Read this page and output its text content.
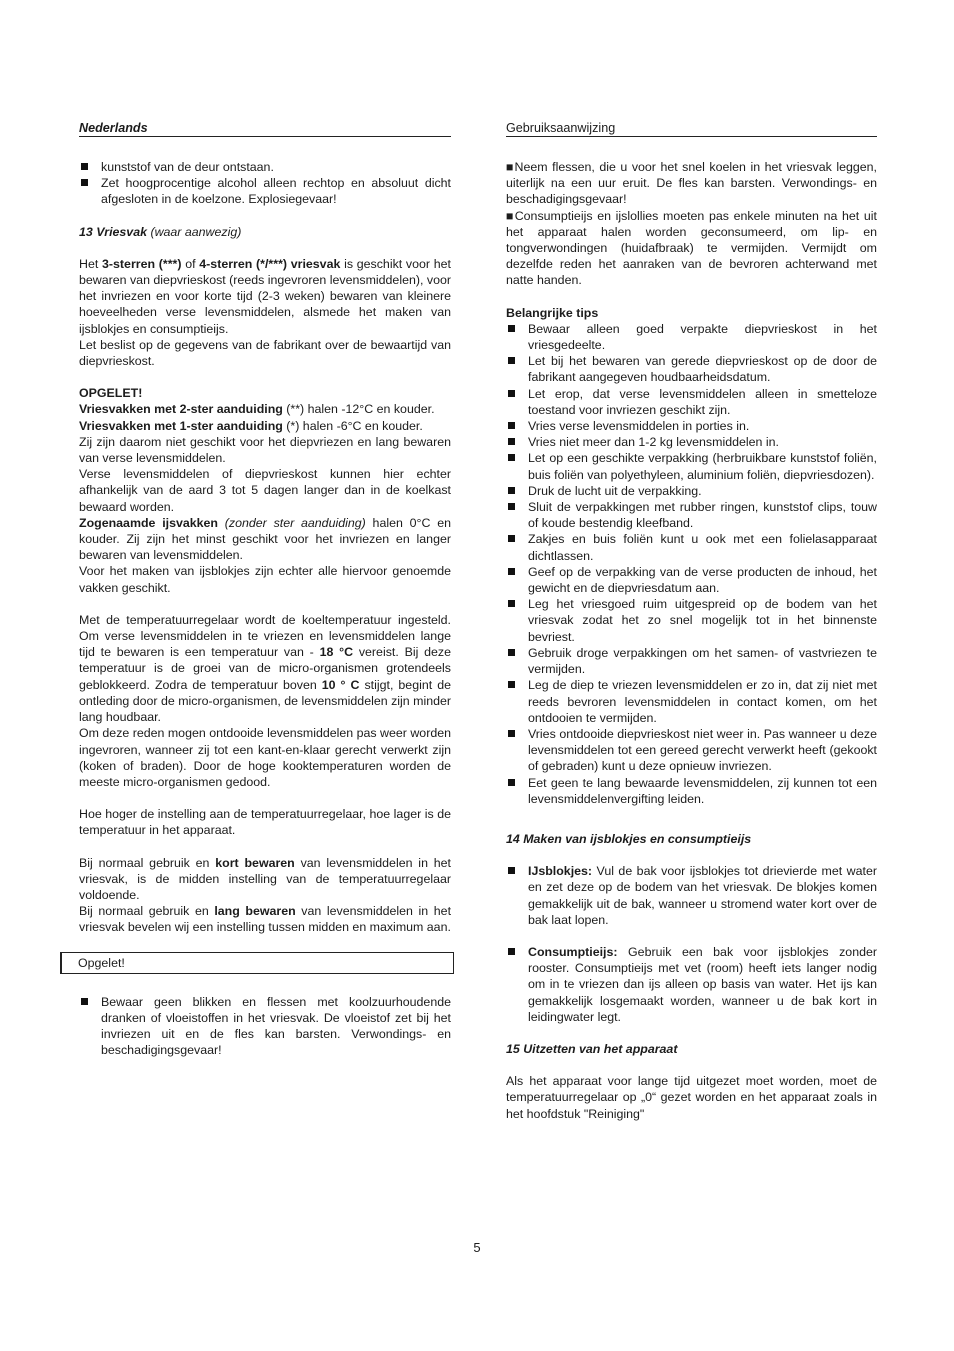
Nederlands
kunststof van de deur ontstaan.
Zet hoogprocentige alcohol alleen rechtop en absoluut dicht afgesloten in de koelzone. Explosiegevaar!

13 Vriesvak (waar aanwezig)

Het 3-sterren (***) of 4-sterren (*/***) vriesvak is geschikt voor het bewaren van diepvrieskost (reeds ingevroren levensmiddelen), voor het invriezen en voor korte tijd (2-3 weken) bewaren van kleinere hoeveelheden verse levensmiddelen, alsmede het maken van ijsblokjes en consumptieijs.

Let beslist op de gegevens van de fabrikant over de bewaartijd van diepvrieskost.

OPGELET!

Vriesvakken met 2-ster aanduiding (**) halen -12°C en kouder.

Vriesvakken met 1-ster aanduiding (*) halen -6°C en kouder.

Zij zijn daarom niet geschikt voor het diepvriezen en lang bewaren van verse levensmiddelen.

Verse levensmiddelen of diepvrieskost kunnen hier echter afhankelijk van de aard 3 tot 5 dagen langer dan in de koelkast bewaard worden.

Zogenaamde ijsvakken (zonder ster aanduiding) halen 0°C en kouder. Zij zijn het minst geschikt voor het invriezen en langer bewaren van levensmiddelen.

Voor het maken van ijsblokjes zijn echter alle hiervoor genoemde vakken geschikt.

Met de temperatuurregelaar wordt de koeltemperatuur ingesteld. Om verse levensmiddelen in te vriezen en levensmiddelen lange tijd te bewaren is een temperatuur van - 18 °C vereist. Bij deze temperatuur is de groei van de micro-organismen grotendeels geblokkeerd. Zodra de temperatuur boven 10 ° C stijgt, begint de ontleding door de micro-organismen, de levensmiddelen zijn minder lang houdbaar.

Om deze reden mogen ontdooide levensmiddelen pas weer worden ingevroren, wanneer zij tot een kant-en-klaar gerecht verwerkt zijn (koken of braden). Door de hoge kooktemperaturen worden de meeste micro-organismen gedood.

Hoe hoger de instelling aan de temperatuurregelaar, hoe lager is de temperatuur in het apparaat.

Bij normaal gebruik en kort bewaren van levensmiddelen in het vriesvak, is de midden instelling van de temperatuurregelaar voldoende.

Bij normaal gebruik en lang bewaren van levensmiddelen in het vriesvak bevelen wij een instelling tussen midden en maximum aan.

Opgelet!
Bewaar geen blikken en flessen met koolzuurhoudende dranken of vloeistoffen in het vriesvak. De vloeistof zet bij het invriezen uit en de fles kan barsten. Verwondings- en beschadigingsgevaar!
Gebruiksaanwijzing

■Neem flessen, die u voor het snel koelen in het vriesvak leggen, uiterlijk na een uur eruit. De fles kan barsten. Verwondings- en beschadigingsgevaar!

■Consumptieijs en ijslollies moeten pas enkele minuten na het uit het apparaat halen worden geconsumeerd, om lip- en tongverwondingen (huidafbraak) te vermijden. Vermijdt om dezelfde reden het aanraken van de bevroren achterwand met natte handen.

Belangrijke tips

Bewaar alleen goed verpakte diepvrieskost in het vriesgedeelte.
Let bij het bewaren van gerede diepvrieskost op de door de fabrikant aangegeven houdbaarheidsdatum.
Let erop, dat verse levensmiddelen alleen in smetteloze toestand voor invriezen geschikt zijn.
Vries verse levensmiddelen in porties in.
Vries niet meer dan 1-2 kg levensmiddelen in.
Let op een geschikte verpakking (herbruikbare kunststof foliën, buis foliën van polyethyleen, aluminium foliën, diepvriesdozen).
Druk de lucht uit de verpakking.
Sluit de verpakkingen met rubber ringen, kunststof clips, touw of koude bestendig kleefband.
Zakjes en buis foliën kunt u ook met een folielasapparaat dichtlassen.
Geef op de verpakking van de verse producten de inhoud, het gewicht en de diepvriesdatum aan.
Leg het vriesgoed ruim uitgespreid op de bodem van het vriesvak zodat het zo snel mogelijk tot in het binnenste bevriest.
Gebruik droge verpakkingen om het samen- of vastvriezen te vermijden.
Leg de diep te vriezen levensmiddelen er zo in, dat zij niet met reeds bevroren levensmiddelen in contact komen, om het ontdooien te vermijden.
Vries ontdooide diepvrieskost niet weer in. Pas wanneer u deze levensmiddelen tot een gereed gerecht verwerkt heeft (gekookt of gebraden) kunt u deze opnieuw invriezen.
Eet geen te lang bewaarde levensmiddelen, zij kunnen tot een levensmiddelenvergifting leiden.

14 Maken van ijsblokjes en consumptieijs

IJsblokjes: Vul de bak voor ijsblokjes tot drievierde met water en zet deze op de bodem van het vriesvak. De blokjes komen gemakkelijk uit de bak, wanneer u stromend water kort over de bak laat lopen.
Consumptieijs: Gebruik een bak voor ijsblokjes zonder rooster. Consumptieijs met vet (room) heeft iets langer nodig om in te vriezen dan ijs alleen op basis van water. Het ijs kan gemakkelijk losgemaakt worden, wanneer u de bak kort in leidingwater legt.

15 Uitzetten van het apparaat

Als het apparaat voor lange tijd uitgezet moet worden, moet de temperatuurregelaar op „0“ gezet worden en het apparaat zoals in het hoofdstuk "Reiniging"

5
